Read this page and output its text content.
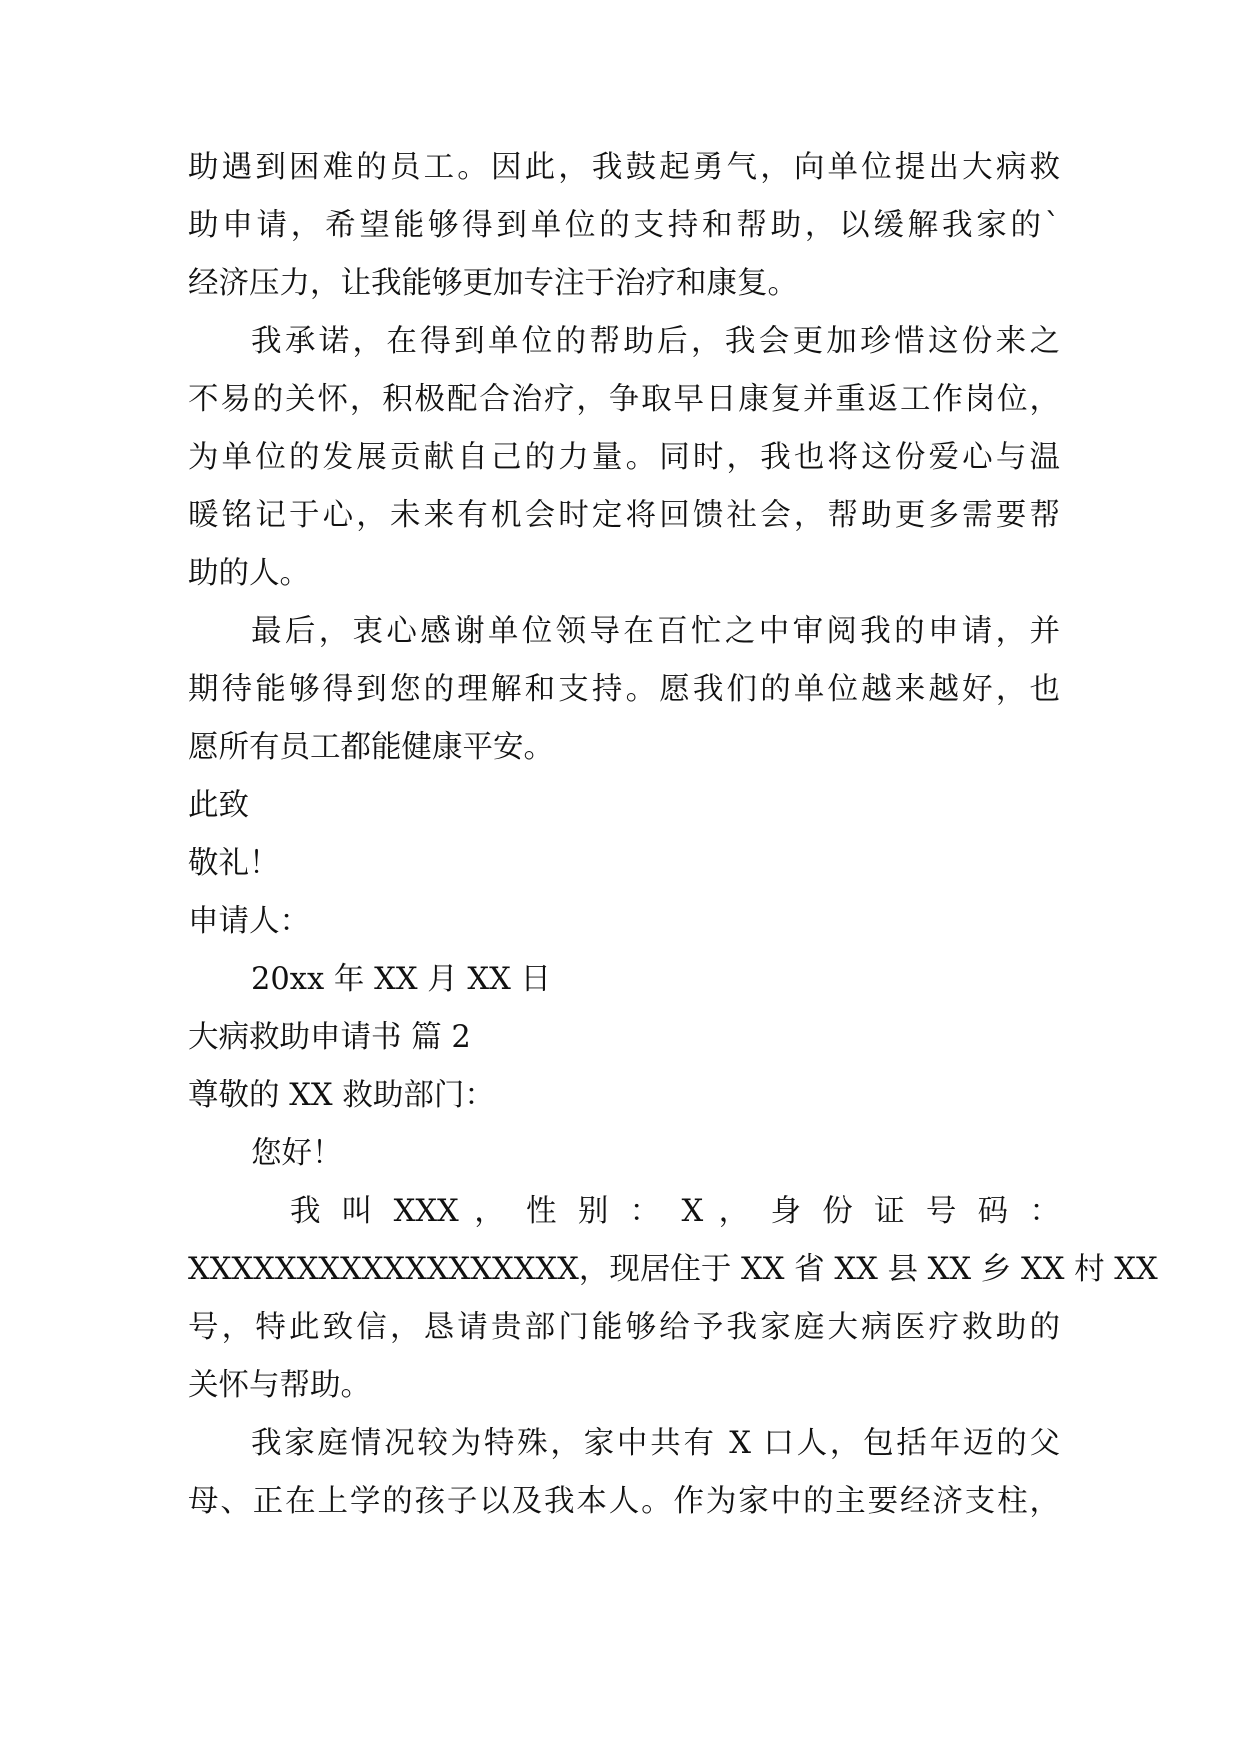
助遇到困难的员工。因此，我鼓起勇气，向单位提出大病救
助申请，希望能够得到单位的支持和帮助，以缓解我家的`
经济压力，让我能够更加专注于治疗和康复。
我承诺，在得到单位的帮助后，我会更加珍惜这份来之
不易的关怀，积极配合治疗，争取早日康复并重返工作岗位，
为单位的发展贡献自己的力量。同时，我也将这份爱心与温
暖铭记于心，未来有机会时定将回馈社会，帮助更多需要帮
助的人。
最后，衷心感谢单位领导在百忙之中审阅我的申请，并
期待能够得到您的理解和支持。愿我们的单位越来越好，也
愿所有员工都能健康平安。
此致
敬礼！
申请人：
20xx 年 XX 月 XX 日
大病救助申请书 篇 2
尊敬的 XX 救助部门：
您好！
我 叫 XXX ， 性 别 ： X ， 身 份 证 号 码 ：
XXXXXXXXXXXXXXXXXX，现居住于 XX 省 XX 县 XX 乡 XX 村 XX
号，特此致信，恳请贵部门能够给予我家庭大病医疗救助的
关怀与帮助。
我家庭情况较为特殊，家中共有 X 口人，包括年迈的父
母、正在上学的孩子以及我本人。作为家中的主要经济支柱，
